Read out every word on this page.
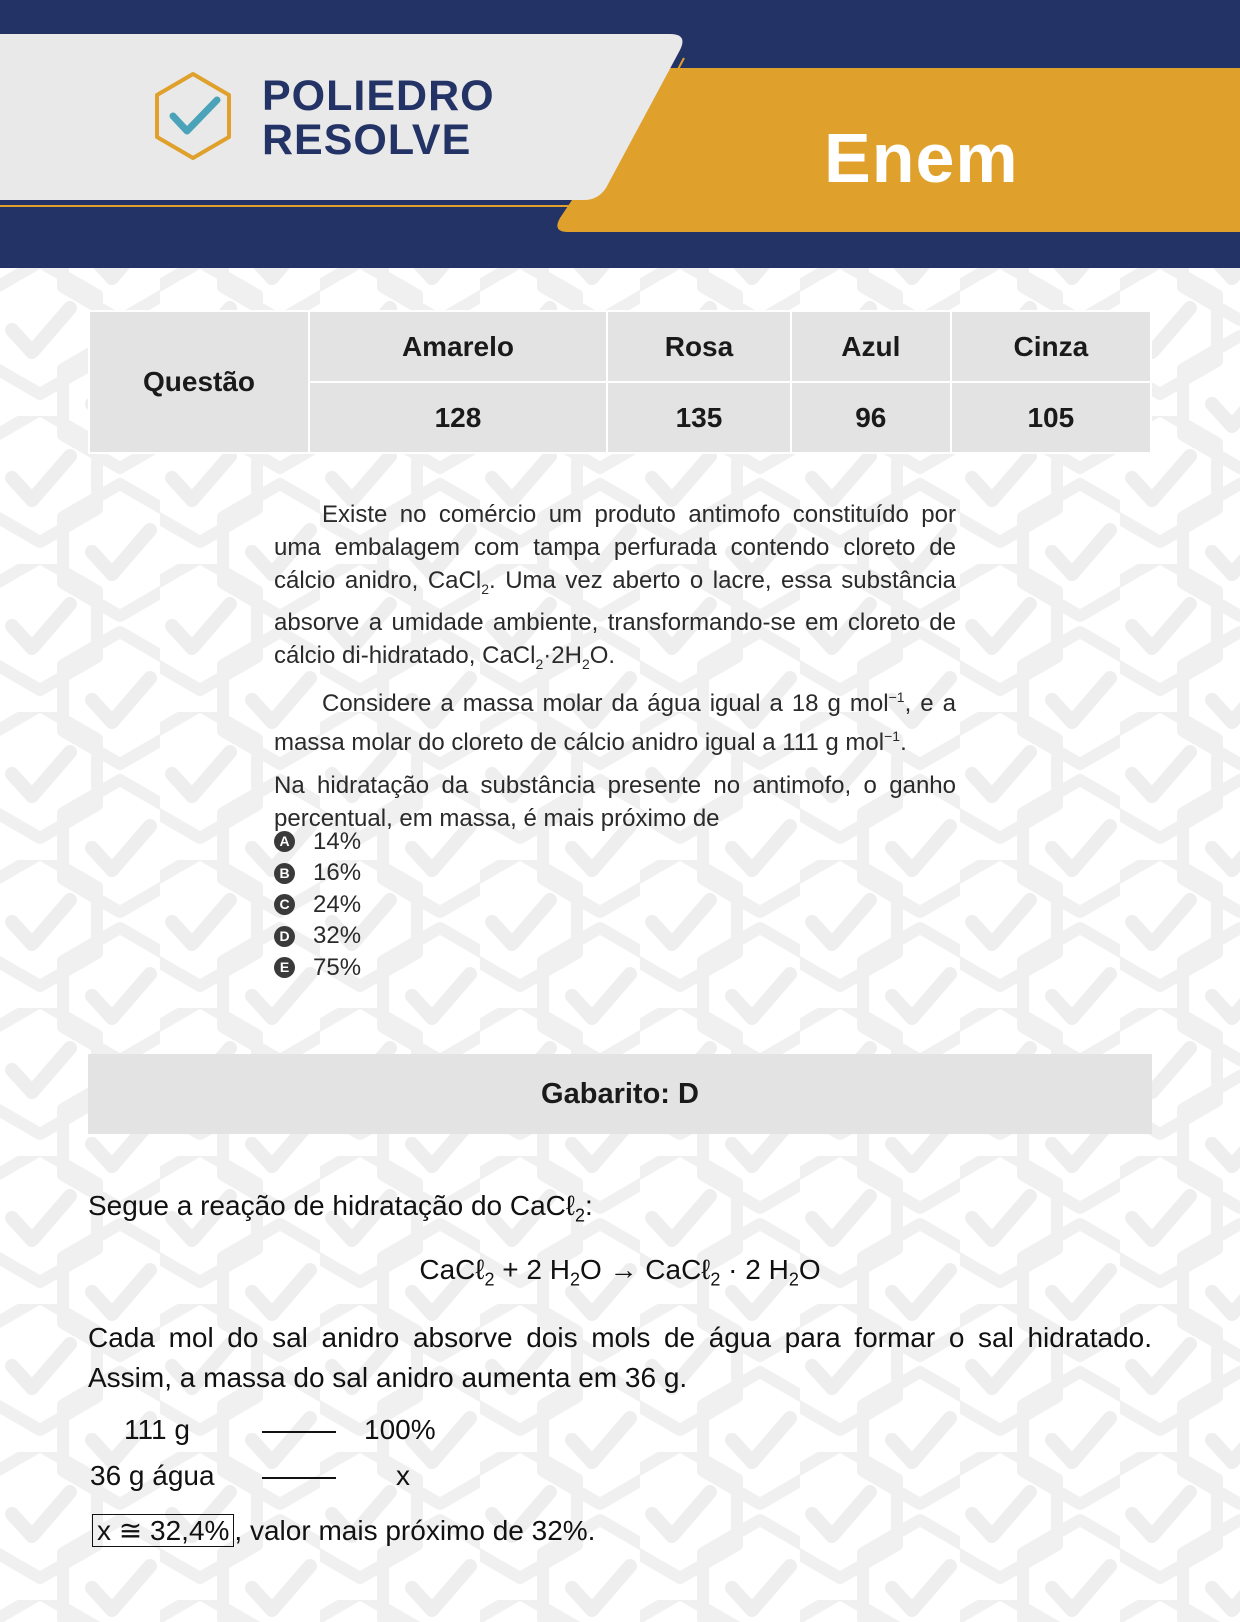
POLIEDRO
RESOLVE	Enem
Questão	Amarelo	Rosa	Azul	Cinza
	128	135	96	105

Existe no comércio um produto antimofo constituído por uma embalagem com tampa perfurada contendo cloreto de cálcio anidro, CaCl$_2$. Uma vez aberto o lacre, essa substância absorve a umidade ambiente, transformando-se em cloreto de cálcio di-hidratado, $CaCl_2\cdot 2H_2O$.

Considere a massa molar da água igual a 18 g mol$^{-1}$, e a massa molar do cloreto de cálcio anidro igual a 111 g mol$^{-1}$.

Na hidratação da substância presente no antimofo, o ganho percentual, em massa, é mais próximo de

A 14%
B 16%
C 24%
D 32%
E 75%
Gabarito: D
Segue a reação de hidratação do CaCℓ$_2$:
CaCℓ$_2$ + 2 $H_2O$ → CaCℓ$_2$ · 2 $H_2O$
Cada mol do sal anidro absorve dois mols de água para formar o sal hidratado. Assim, a massa do sal anidro aumenta em 36 g.
111 g	100%
36 g água	x
x ≅ 32,4% , valor mais próximo de 32%.
